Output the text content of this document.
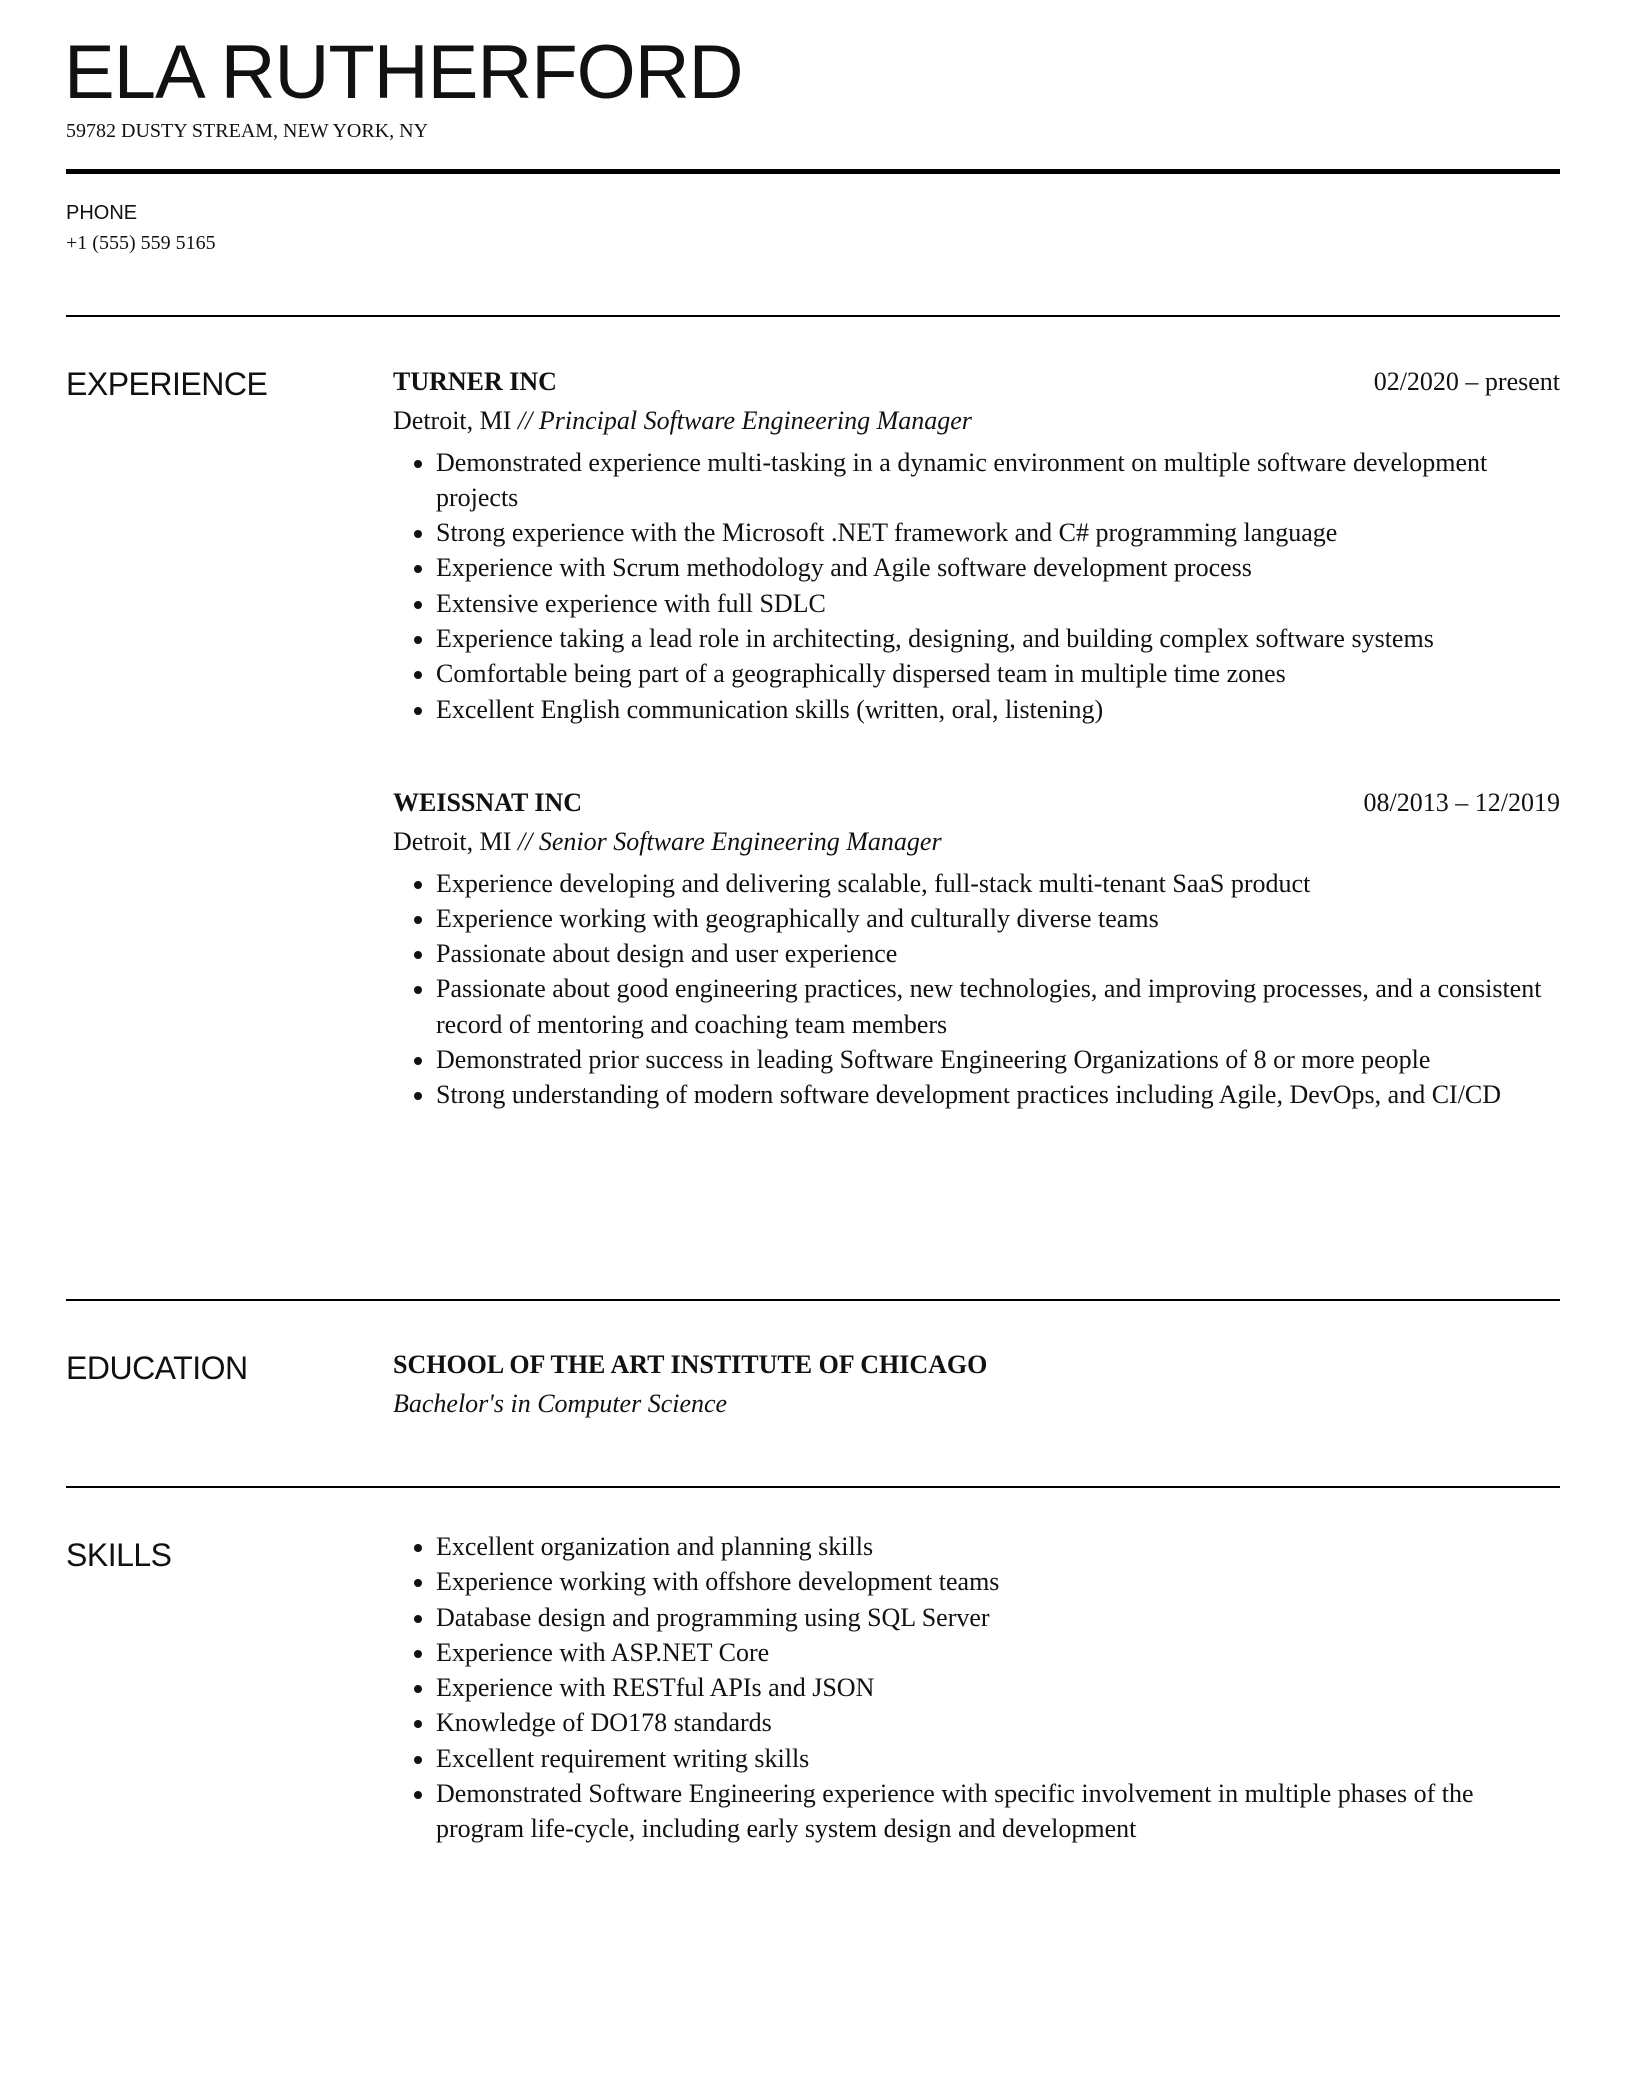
ELA RUTHERFORD
59782 DUSTY STREAM, NEW YORK, NY
PHONE
+1 (555) 559 5165
EXPERIENCE	TURNER INC	02/2020 – present
Detroit, MI // Principal Software Engineering Manager
• Demonstrated experience multi-tasking in a dynamic environment on multiple software development projects
• Strong experience with the Microsoft .NET framework and C# programming language
• Experience with Scrum methodology and Agile software development process
• Extensive experience with full SDLC
• Experience taking a lead role in architecting, designing, and building complex software systems
• Comfortable being part of a geographically dispersed team in multiple time zones
• Excellent English communication skills (written, oral, listening)
WEISSNAT INC	08/2013 – 12/2019
Detroit, MI // Senior Software Engineering Manager
• Experience developing and delivering scalable, full-stack multi-tenant SaaS product
• Experience working with geographically and culturally diverse teams
• Passionate about design and user experience
• Passionate about good engineering practices, new technologies, and improving processes, and a consistent record of mentoring and coaching team members
• Demonstrated prior success in leading Software Engineering Organizations of 8 or more people
• Strong understanding of modern software development practices including Agile, DevOps, and CI/CD
EDUCATION	SCHOOL OF THE ART INSTITUTE OF CHICAGO
Bachelor's in Computer Science
SKILLS	• Excellent organization and planning skills
• Experience working with offshore development teams
• Database design and programming using SQL Server
• Experience with ASP.NET Core
• Experience with RESTful APIs and JSON
• Knowledge of DO178 standards
• Excellent requirement writing skills
• Demonstrated Software Engineering experience with specific involvement in multiple phases of the program life-cycle, including early system design and development
